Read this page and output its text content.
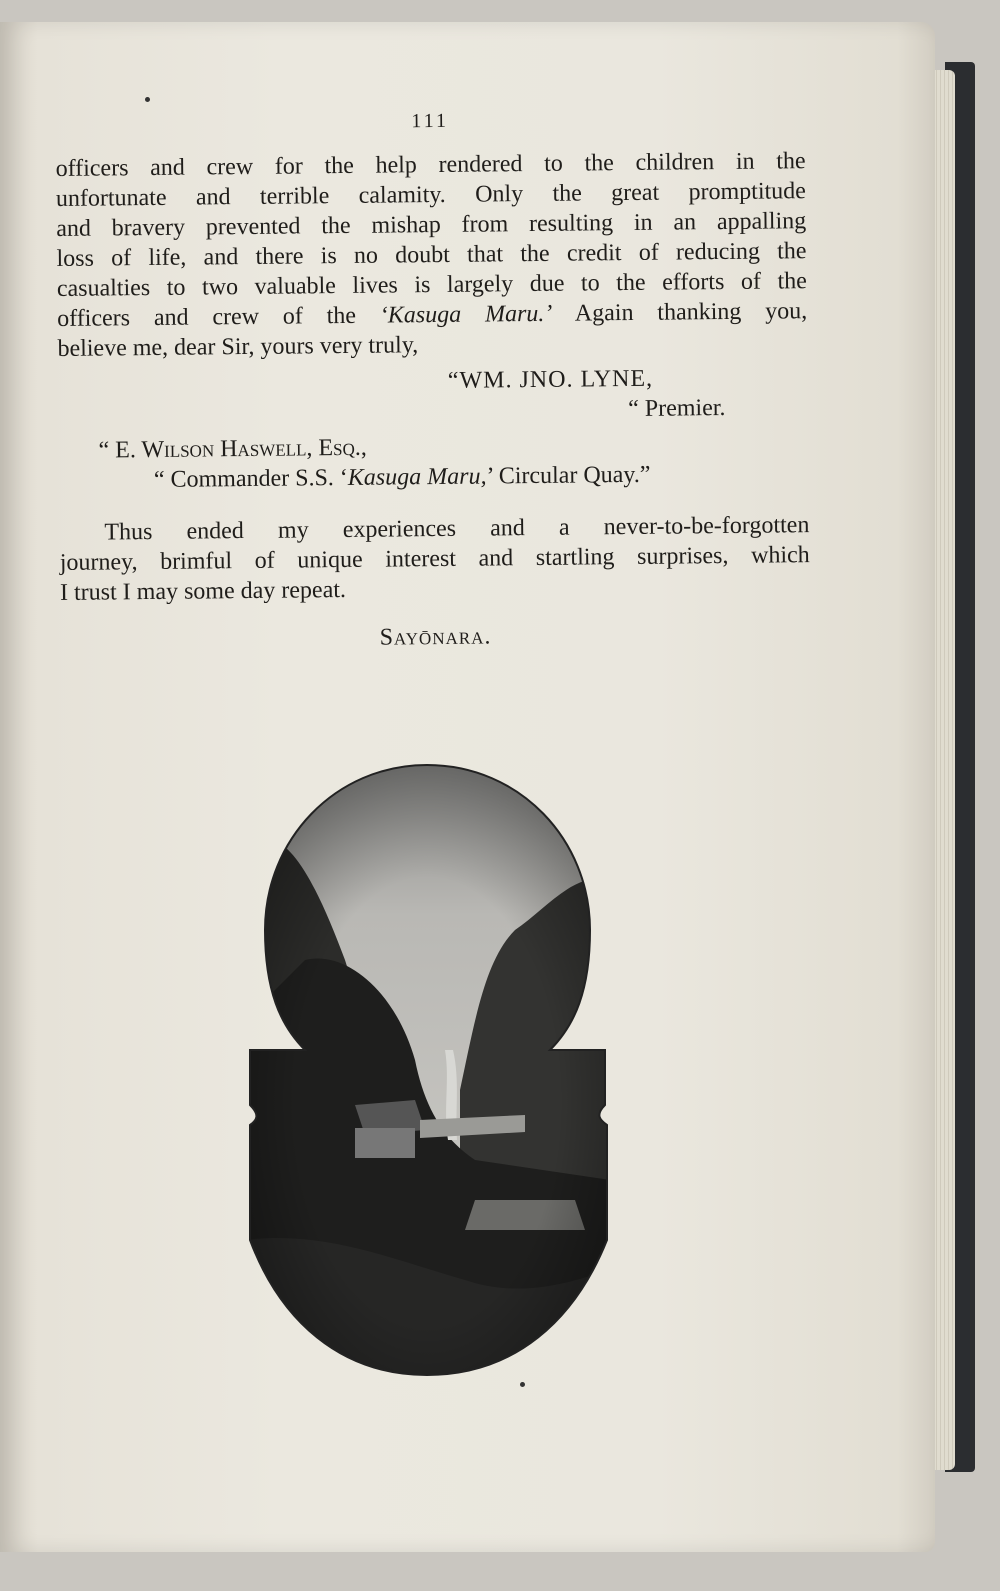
111
officers and crew for the help rendered to the children in the
unfortunate and terrible calamity. Only the great promptitude
and bravery prevented the mishap from resulting in an appalling
loss of life, and there is no doubt that the credit of reducing the
casualties to two valuable lives is largely due to the efforts of the
officers and crew of the ‘Kasuga Maru.’ Again thanking you,
believe me, dear Sir, yours very truly,
“WM. JNO. LYNE,
“ Premier.
“ E. Wilson Haswell, Esq.,
“ Commander S.S. ‘Kasuga Maru,’ Circular Quay.”
Thus ended my experiences and a never-to-be-forgotten
journey, brimful of unique interest and startling surprises, which
I trust I may some day repeat.
Sayōnara.
